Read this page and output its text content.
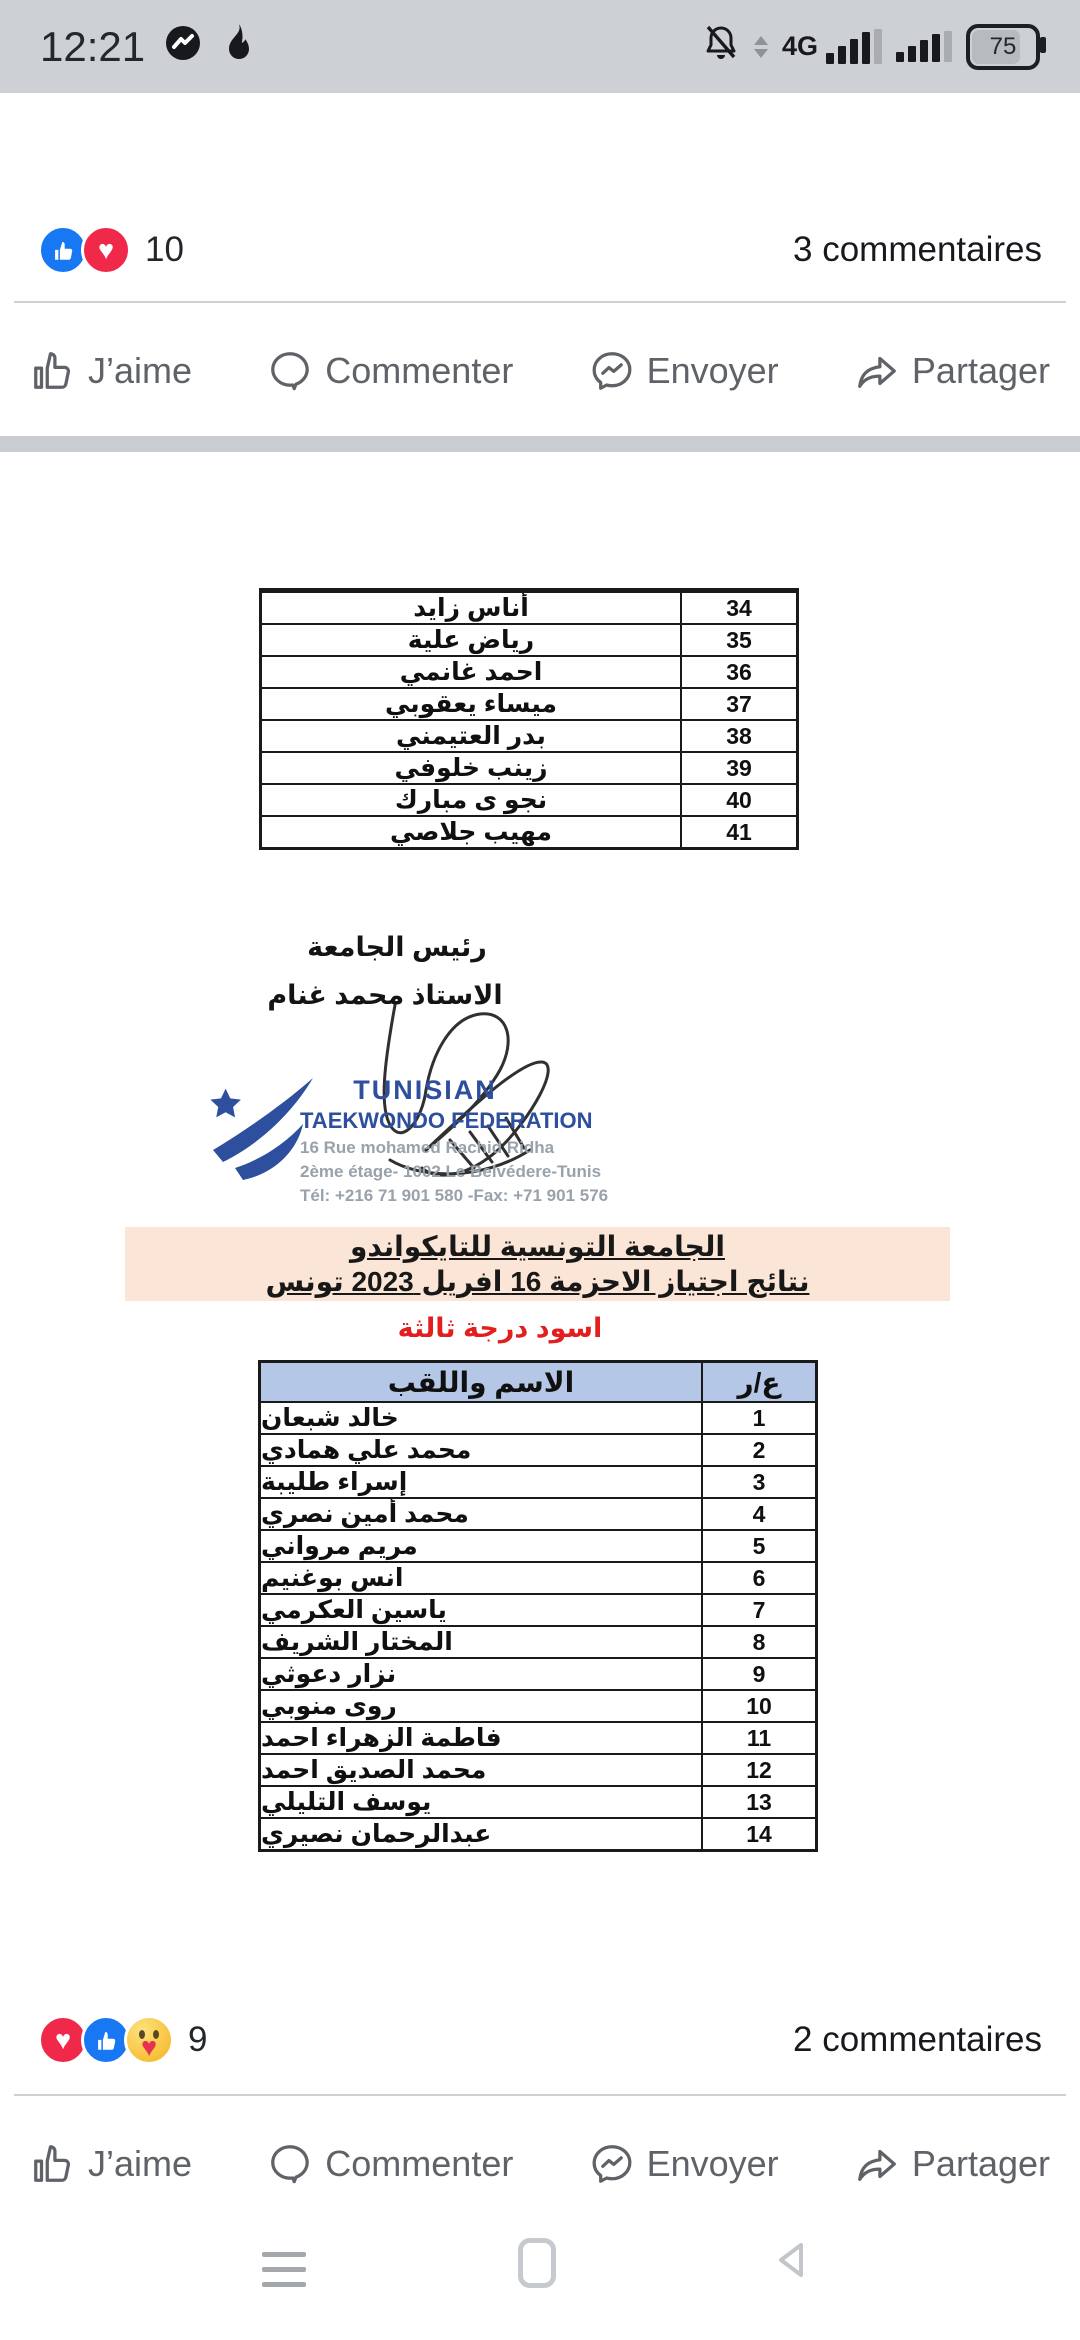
12:21	4G	75
♥ 10	3 commentaires
J’aime	Commenter	Envoyer	Partager
أناس زايد	34
رياض علية	35
احمد غانمي	36
ميساء يعقوبي	37
بدر العتيمني	38
زينب خلوفي	39
نجو ى مبارك	40
مهيب جلاصي	41
رئيس الجامعة
الاستاذ محمد غنام
TUNISIAN
TAEKWONDO FEDERATION
16 Rue mohamed Rachid Ridha
2ème étage- 1002 Le Belvédere-Tunis
Tél: +216 71 901 580 -Fax: +71 901 576
الجامعة التونسية للتايكواندو
نتائج اجتياز الاحزمة 16 افريل 2023 تونس
اسود درجة ثالثة
الاسم واللقب	ع/ر
خالد شبعان	1
محمد علي همادي	2
إسراء طليبة	3
محمد أمين نصري	4
مريم مرواني	5
انس بوغنيم	6
ياسين العكرمي	7
المختار الشريف	8
نزار دعوثي	9
روى منوبي	10
فاطمة الزهراء احمد	11
محمد الصديق احمد	12
يوسف التليلي	13
عبدالرحمان نصيري	14
♥	♥ 9	2 commentaires
J’aime	Commenter	Envoyer	Partager
